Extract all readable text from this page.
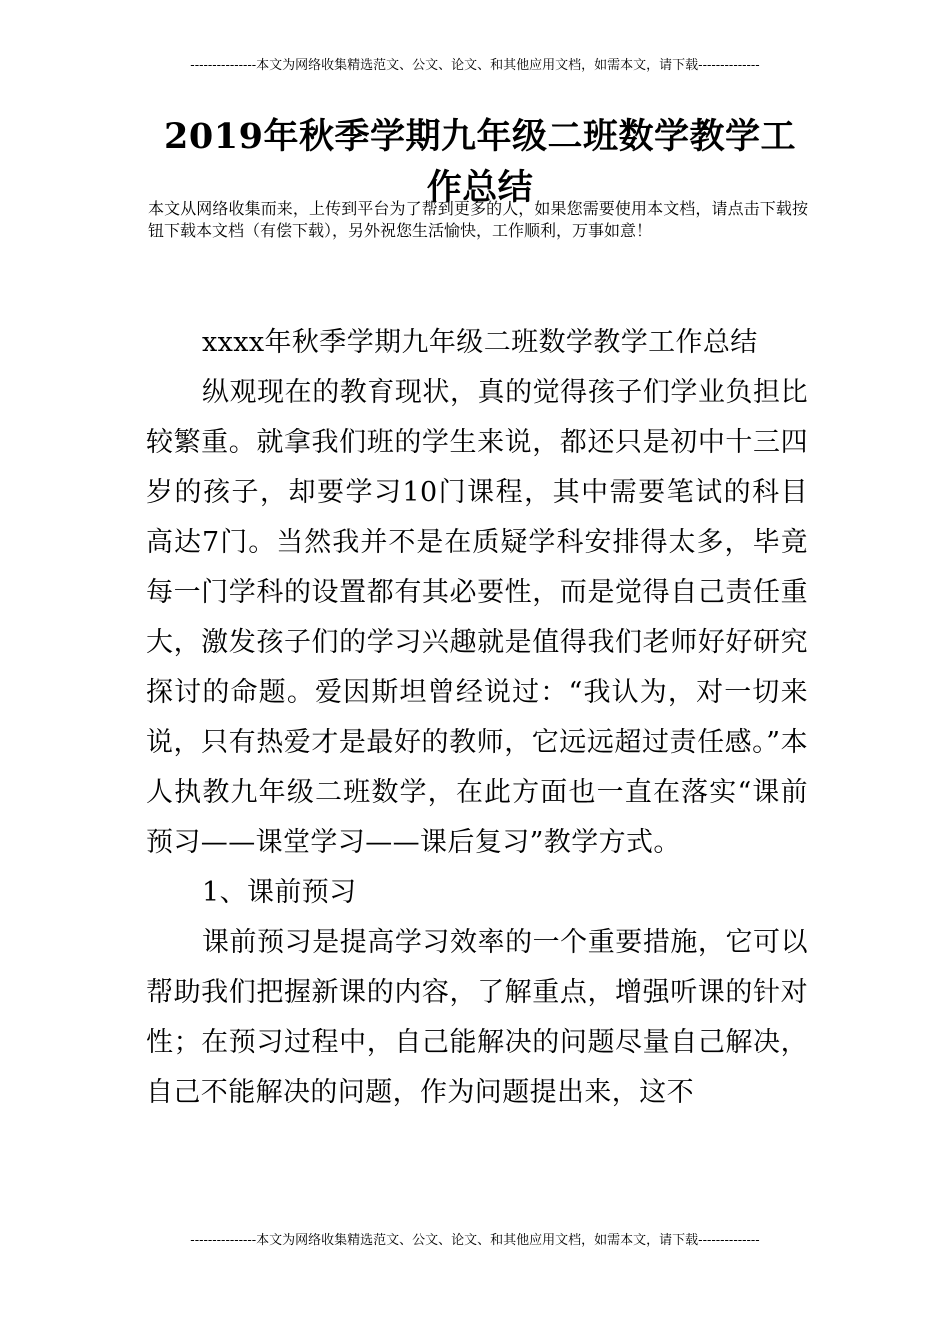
---------------本文为网络收集精选范文、公文、论文、和其他应用文档，如需本文，请下载--------------
2019年秋季学期九年级二班数学教学工作总结
本文从网络收集而来，上传到平台为了帮到更多的人，如果您需要使用本文档，请点击下载按钮下载本文档（有偿下载），另外祝您生活愉快，工作顺利，万事如意！

xxxx年秋季学期九年级二班数学教学工作总结

纵观现在的教育现状，真的觉得孩子们学业负担比较繁重。就拿我们班的学生来说，都还只是初中十三四岁的孩子，却要学习10门课程，其中需要笔试的科目高达7门。当然我并不是在质疑学科安排得太多，毕竟每一门学科的设置都有其必要性，而是觉得自己责任重大，激发孩子们的学习兴趣就是值得我们老师好好研究探讨的命题。爱因斯坦曾经说过：“我认为，对一切来说，只有热爱才是最好的教师，它远远超过责任感。”本人执教九年级二班数学，在此方面也一直在落实“课前预习——课堂学习——课后复习”教学方式。

1、课前预习

课前预习是提高学习效率的一个重要措施，它可以帮助我们把握新课的内容，了解重点，增强听课的针对性；在预习过程中，自己能解决的问题尽量自己解决，自己不能解决的问题，作为问题提出来，这不

---------------本文为网络收集精选范文、公文、论文、和其他应用文档，如需本文，请下载--------------
